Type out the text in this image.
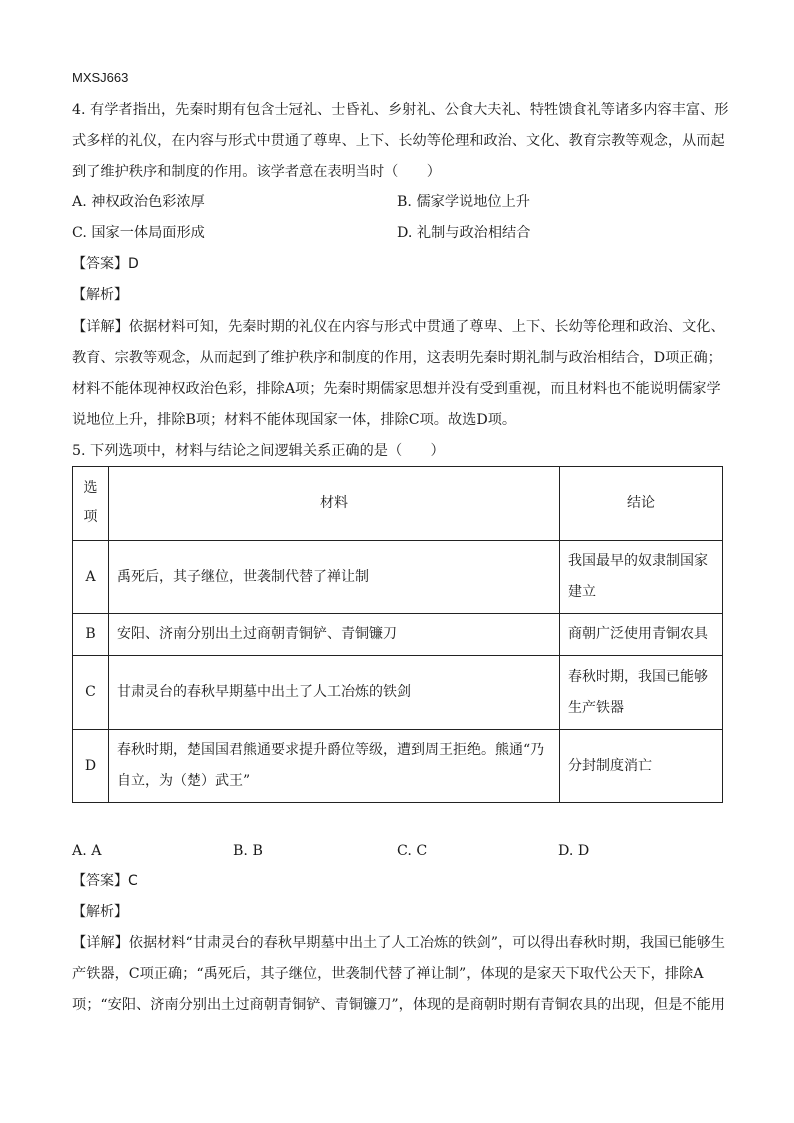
MXSJ663
4. 有学者指出，先秦时期有包含士冠礼、士昏礼、乡射礼、公食大夫礼、特牲馈食礼等诸多内容丰富、形
式多样的礼仪，在内容与形式中贯通了尊卑、上下、长幼等伦理和政治、文化、教育宗教等观念，从而起
到了维护秩序和制度的作用。该学者意在表明当时（　　）
A. 神权政治色彩浓厚	B. 儒家学说地位上升
C. 国家一体局面形成	D. 礼制与政治相结合
【答案】D
【解析】
【详解】依据材料可知，先秦时期的礼仪在内容与形式中贯通了尊卑、上下、长幼等伦理和政治、文化、
教育、宗教等观念，从而起到了维护秩序和制度的作用，这表明先秦时期礼制与政治相结合，D项正确；
材料不能体现神权政治色彩，排除A项；先秦时期儒家思想并没有受到重视，而且材料也不能说明儒家学
说地位上升，排除B项；材料不能体现国家一体，排除C项。故选D项。
5. 下列选项中，材料与结论之间逻辑关系正确的是（　　）
选
项	材料	结论
A	禹死后，其子继位，世袭制代替了禅让制	我国最早的奴隶制国家建立
B	安阳、济南分别出土过商朝青铜铲、青铜镰刀	商朝广泛使用青铜农具
C	甘肃灵台的春秋早期墓中出土了人工冶炼的铁剑	春秋时期，我国已能够生产铁器
D	春秋时期，楚国国君熊通要求提升爵位等级，遭到周王拒绝。熊通“乃自立，为（楚）武王”	分封制度消亡
A. A	B. B	C. C	D. D
【答案】C
【解析】
【详解】依据材料“甘肃灵台的春秋早期墓中出土了人工冶炼的铁剑”，可以得出春秋时期，我国已能够生
产铁器，C项正确；“禹死后，其子继位，世袭制代替了禅让制”，体现的是家天下取代公天下，排除A
项；“安阳、济南分别出土过商朝青铜铲、青铜镰刀”，体现的是商朝时期有青铜农具的出现，但是不能用
